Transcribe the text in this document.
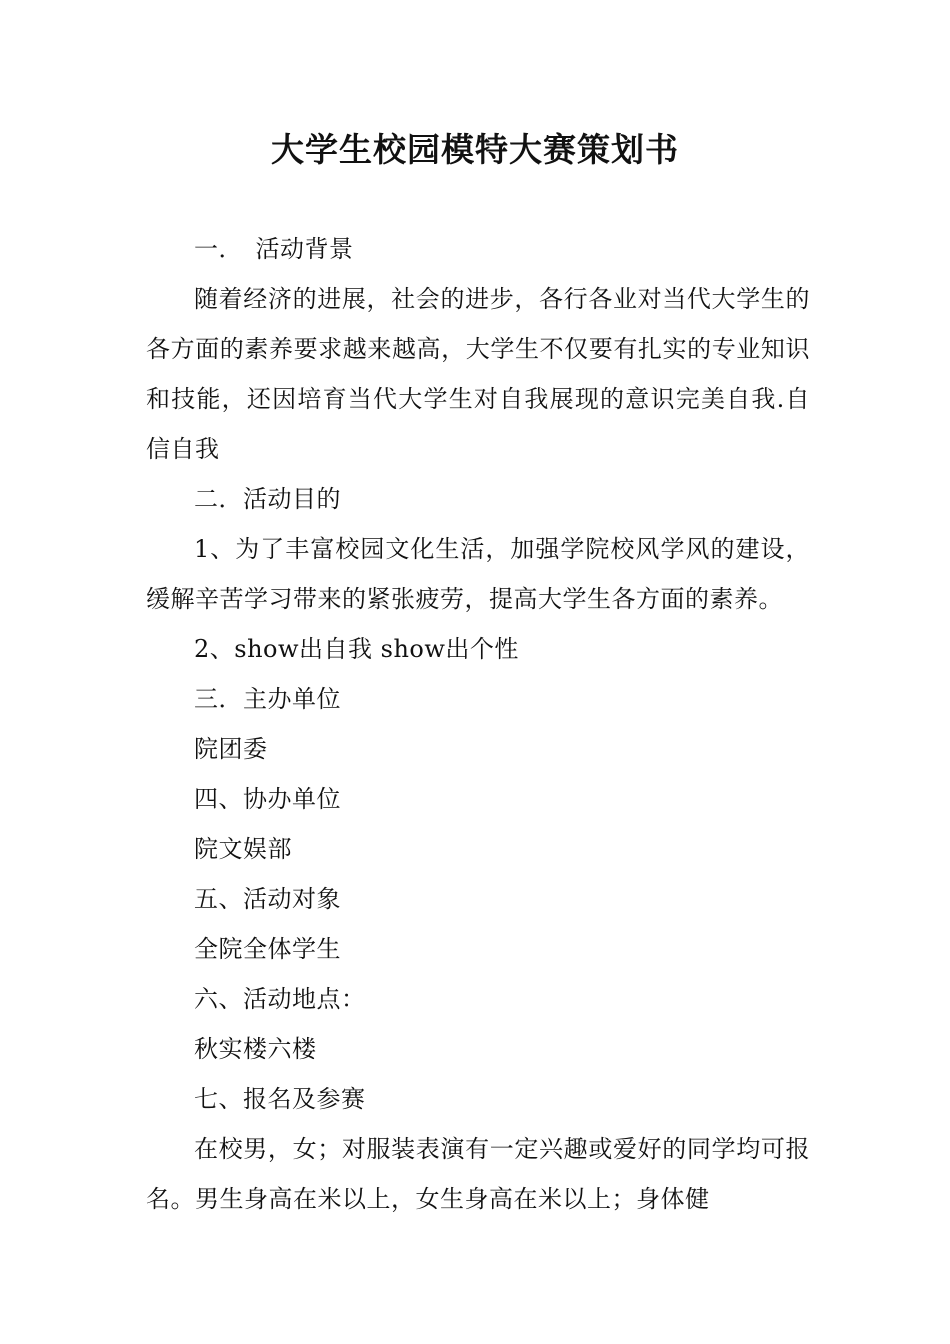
大学生校园模特大赛策划书

一．　活动背景

随着经济的进展，社会的进步，各行各业对当代大学生的各方面的素养要求越来越高，大学生不仅要有扎实的专业知识和技能，还因培育当代大学生对自我展现的意识完美自我.自信自我

二．活动目的

1、为了丰富校园文化生活，加强学院校风学风的建设，缓解辛苦学习带来的紧张疲劳，提高大学生各方面的素养。

2、show出自我 show出个性

三．主办单位

院团委

四、协办单位

院文娱部

五、活动对象

全院全体学生

六、活动地点：

秋实楼六楼

七、报名及参赛

在校男，女；对服装表演有一定兴趣或爱好的同学均可报名。男生身高在米以上，女生身高在米以上；身体健
